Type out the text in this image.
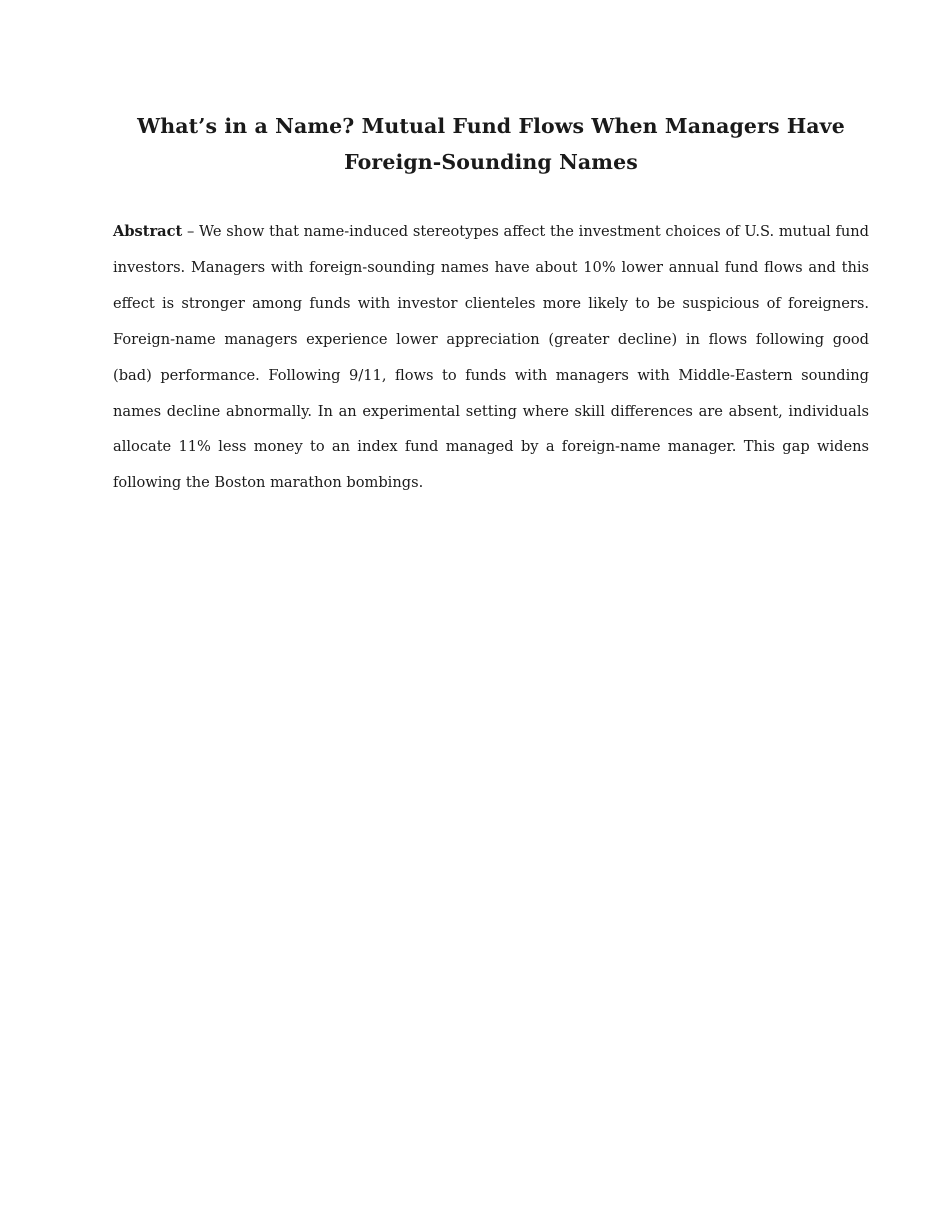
What’s in a Name? Mutual Fund Flows When Managers Have Foreign-Sounding Names

Abstract – We show that name-induced stereotypes affect the investment choices of U.S. mutual fund investors. Managers with foreign-sounding names have about 10% lower annual fund flows and this effect is stronger among funds with investor clienteles more likely to be suspicious of foreigners. Foreign-name managers experience lower appreciation (greater decline) in flows following good (bad) performance. Following 9/11, flows to funds with managers with Middle-Eastern sounding names decline abnormally. In an experimental setting where skill differences are absent, individuals allocate 11% less money to an index fund managed by a foreign-name manager. This gap widens following the Boston marathon bombings.
